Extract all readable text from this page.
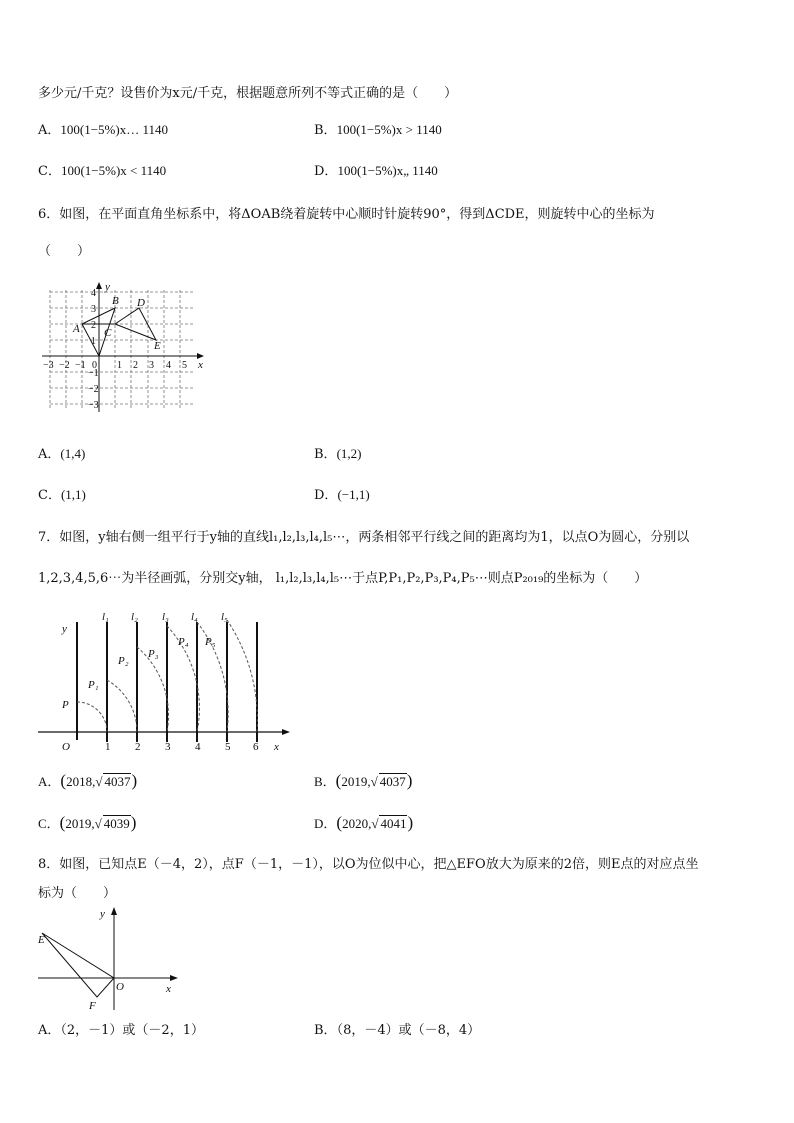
多少元/千克？设售价为x元/千克，根据题意所列不等式正确的是（　　）
A．100(1−5%)x… 1140	B．100(1−5%)x > 1140
C．100(1−5%)x < 1140	D．100(1−5%)x„ 1140
6．如图，在平面直角坐标系中，将ΔOAB绕着旋转中心顺时针旋转90°，得到ΔCDE，则旋转中心的坐标为
（　　）
A
B
C
D
E
x
y
−3 −2 −1 0 1 2 3 4 5
4
3
2
1
−1
−2
−3
A．(1,4)	B．(1,2)
C．(1,1)	D．(−1,1)
7．如图，y轴右侧一组平行于y轴的直线l₁,l₂,l₃,l₄,l₅⋯，两条相邻平行线之间的距离均为1，以点O为圆心，分别以
1,2,3,4,5,6⋯为半径画弧，分别交y轴， l₁,l₂,l₃,l₄,l₅⋯于点P,P₁,P₂,P₃,P₄,P₅⋯则点P₂₀₁₉的坐标为（　　）
y
l₁ l₂ l₃ l₄ l₅
P
P₁
P₂
P₃
P₄ P₅
O	x
1 2 3 4 5 6
A．(2018,√ 4037)	B．(2019,√ 4037)
C．(2019,√ 4039)	D．(2020,√ 4041)
8．如图，已知点E（－4，2），点F（－1，－1），以O为位似中心，把△EFO放大为原来的2倍，则E点的对应点坐
标为（　　）
E
F
O	x
y
A．（2，－1）或（－2，1）	B．（8，－4）或（－8，4）
